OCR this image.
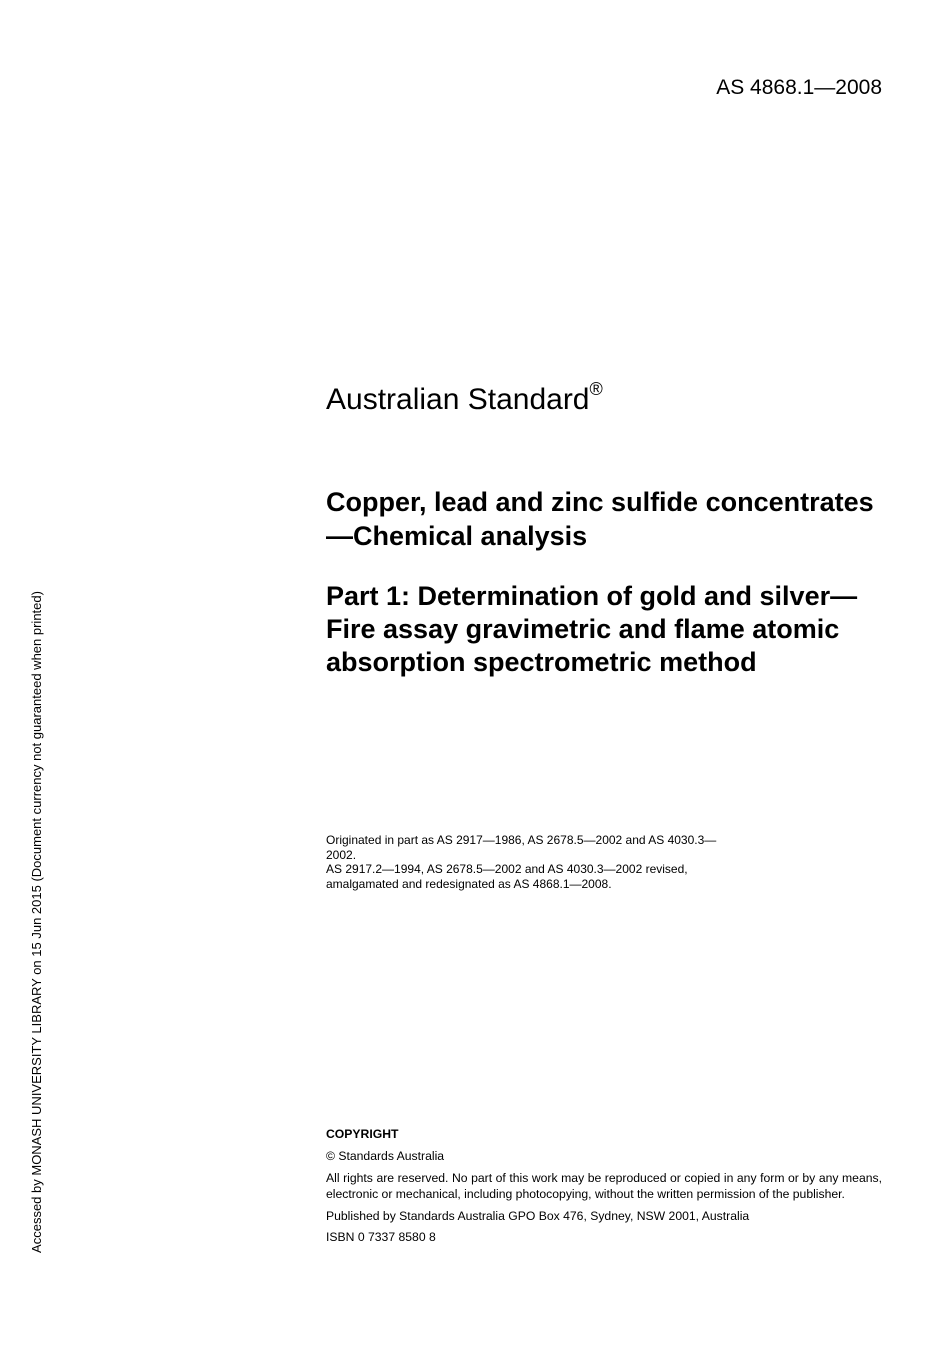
AS 4868.1—2008
Accessed by MONASH UNIVERSITY LIBRARY on 15 Jun 2015 (Document currency not guaranteed when printed)
Australian Standard®
Copper, lead and zinc sulfide concentrates—Chemical analysis
Part 1: Determination of gold and silver—Fire assay gravimetric and flame atomic absorption spectrometric method

Originated in part as AS 2917—1986, AS 2678.5—2002 and AS 4030.3—2002.

AS 2917.2—1994, AS 2678.5—2002 and AS 4030.3—2002 revised, amalgamated and redesignated as AS 4868.1—2008.

COPYRIGHT

© Standards Australia

All rights are reserved. No part of this work may be reproduced or copied in any form or by any means, electronic or mechanical, including photocopying, without the written permission of the publisher.

Published by Standards Australia GPO Box 476, Sydney, NSW 2001, Australia

ISBN 0 7337 8580 8
